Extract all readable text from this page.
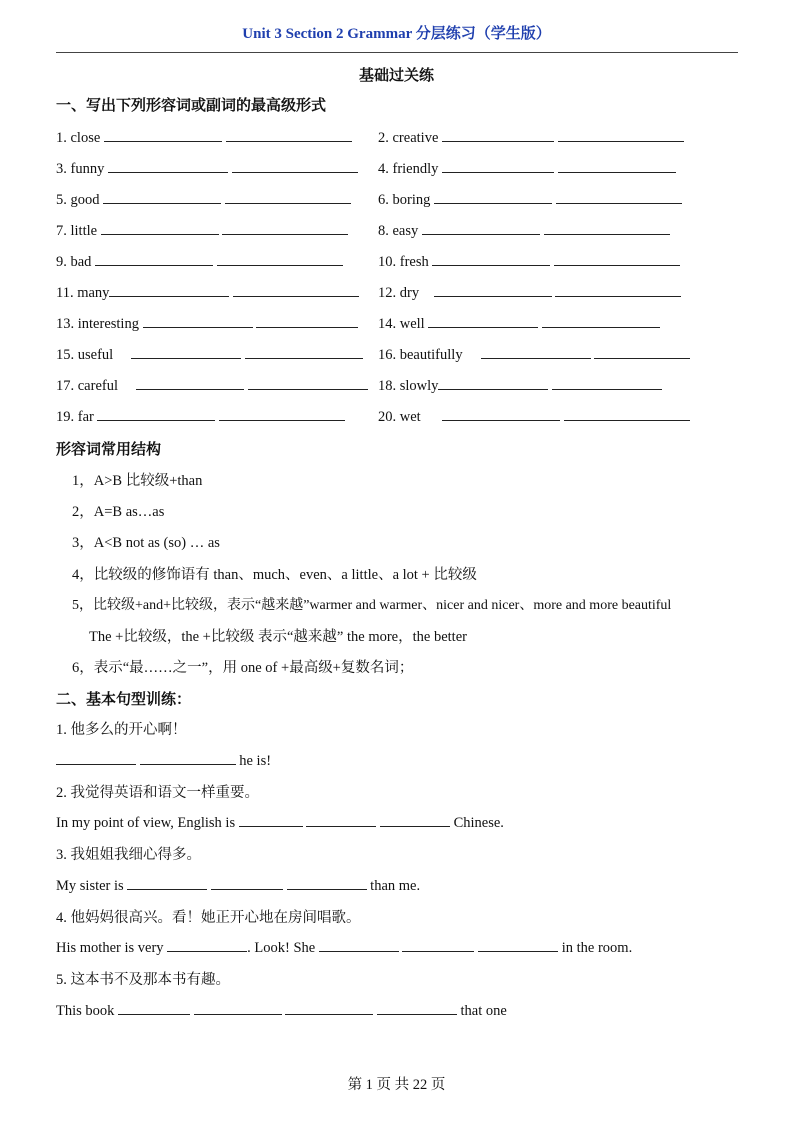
Unit 3 Section 2 Grammar 分层练习（学生版）
基础过关练
一、写出下列形容词或副词的最高级形式
1. close	2. creative
3. funny	4. friendly
5. good	6. boring
7. little	8. easy
9. bad	10. fresh
11. many	12. dry
13. interesting	14. well
15. useful	16. beautifully
17. careful	18. slowly
19. far	20. wet
形容词常用结构
1，A>B 比较级+than
2，A=B as…as
3，A<B not as (so) … as
4，比较级的修饰语有 than、much、even、a little、a lot + 比较级
5，比较级+and+比较级，表示“越来越”warmer and warmer、nicer and nicer、more and more beautiful
The +比较级，the +比较级 表示“越来越” the more，the better
6，表示“最……之一”，用 one of +最高级+复数名词；
二、基本句型训练：
1. 他多么的开心啊！
he is!
2. 我觉得英语和语文一样重要。
In my point of view, English is	Chinese.
3. 我姐姐我细心得多。
My sister is	than me.
4. 他妈妈很高兴。看！她正开心地在房间唱歌。
His mother is very	. Look! She	in the room.
5. 这本书不及那本书有趣。
This book	that one
第 1 页 共 22 页
